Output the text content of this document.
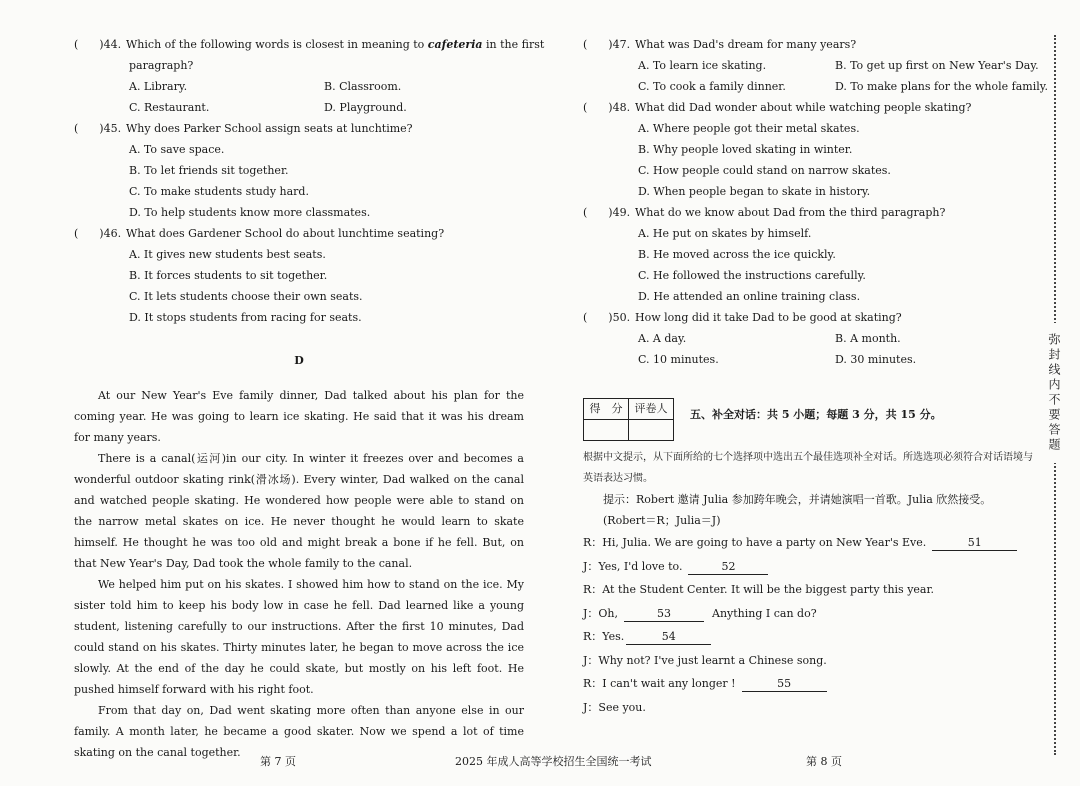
( )44. Which of the following words is closest in meaning to cafeteria in the first
paragraph?
A. Library.	B. Classroom.
C. Restaurant.	D. Playground.
( )45. Why does Parker School assign seats at lunchtime?
A. To save space.
B. To let friends sit together.
C. To make students study hard.
D. To help students know more classmates.
( )46. What does Gardener School do about lunchtime seating?
A. It gives new students best seats.
B. It forces students to sit together.
C. It lets students choose their own seats.
D. It stops students from racing for seats.
D
At our New Year's Eve family dinner, Dad talked about his plan for the coming year. He was going to learn ice skating. He said that it was his dream for many years.
There is a canal(运河)in our city. In winter it freezes over and becomes a wonderful outdoor skating rink(滑冰场). Every winter, Dad walked on the canal and watched people skating. He wondered how people were able to stand on the narrow metal skates on ice. He never thought he would learn to skate himself. He thought he was too old and might break a bone if he fell. But, on that New Year's Day, Dad took the whole family to the canal.
We helped him put on his skates. I showed him how to stand on the ice. My sister told him to keep his body low in case he fell. Dad learned like a young student, listening carefully to our instructions. After the first 10 minutes, Dad could stand on his skates. Thirty minutes later, he began to move across the ice slowly. At the end of the day he could skate, but mostly on his left foot. He pushed himself forward with his right foot.
From that day on, Dad went skating more often than anyone else in our family. A month later, he became a good skater. Now we spend a lot of time skating on the canal together.
( )47. What was Dad's dream for many years?
A. To learn ice skating.	B. To get up first on New Year's Day.
C. To cook a family dinner.	D. To make plans for the whole family.
( )48. What did Dad wonder about while watching people skating?
A. Where people got their metal skates.
B. Why people loved skating in winter.
C. How people could stand on narrow skates.
D. When people began to skate in history.
( )49. What do we know about Dad from the third paragraph?
A. He put on skates by himself.
B. He moved across the ice quickly.
C. He followed the instructions carefully.
D. He attended an online training class.
( )50. How long did it take Dad to be good at skating?
A. A day.	B. A month.
C. 10 minutes.	D. 30 minutes.
得　分	评卷人
	五、补全对话：共 5 小题；每题 3 分，共 15 分。
根据中文提示，从下面所给的七个选择项中选出五个最佳选项补全对话。所选选项必须符合对话语境与英语表达习惯。
提示：Robert 邀请 Julia 参加跨年晚会，并请她演唱一首歌。Julia 欣然接受。
(Robert＝R；Julia＝J)
R：Hi, Julia. We are going to have a party on New Year's Eve.	51
J：Yes, I'd love to.	52
R：At the Student Center. It will be the biggest party this year.
J：Oh,	53	Anything I can do?
R：Yes.	54
J：Why not? I've just learnt a Chinese song.
R：I can't wait any longer !	55
J：See you.
第 7 页	2025 年成人高等学校招生全国统一考试	第 8 页
弥封线内不要答题
